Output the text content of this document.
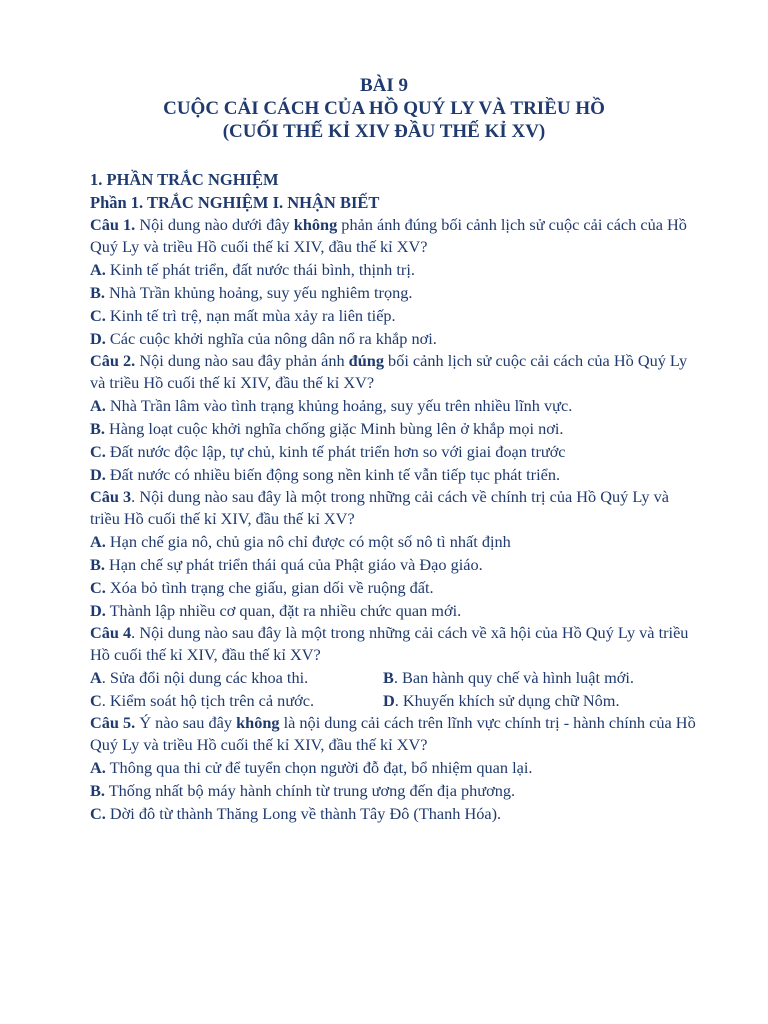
BÀI 9
CUỘC CẢI CÁCH CỦA HỒ QUÝ LY VÀ TRIỀU HỒ
(CUỐI THẾ KỈ XIV ĐẦU THẾ KỈ XV)
1. PHẦN TRẮC NGHIỆM
Phần 1. TRẮC NGHIỆM I. NHẬN BIẾT

Câu 1. Nội dung nào dưới đây không phản ánh đúng bối cảnh lịch sử cuộc cải cách của Hồ Quý Ly và triều Hồ cuối thế kỉ XIV, đầu thế kỉ XV?

A. Kinh tế phát triển, đất nước thái bình, thịnh trị.

B. Nhà Trần khủng hoảng, suy yếu nghiêm trọng.

C. Kinh tế trì trệ, nạn mất mùa xảy ra liên tiếp.

D. Các cuộc khởi nghĩa của nông dân nổ ra khắp nơi.

Câu 2. Nội dung nào sau đây phản ánh đúng bối cảnh lịch sử cuộc cải cách của Hồ Quý Ly và triều Hồ cuối thế kỉ XIV, đầu thế kỉ XV?

A. Nhà Trần lâm vào tình trạng khủng hoảng, suy yếu trên nhiều lĩnh vực.

B. Hàng loạt cuộc khởi nghĩa chống giặc Minh bùng lên ở khắp mọi nơi.

C. Đất nước độc lập, tự chủ, kinh tế phát triển hơn so với giai đoạn trước

D. Đất nước có nhiều biến động song nền kinh tế vẫn tiếp tục phát triển.

Câu 3. Nội dung nào sau đây là một trong những cải cách về chính trị của Hồ Quý Ly và triều Hồ cuối thế kỉ XIV, đầu thế kỉ XV?

A. Hạn chế gia nô, chủ gia nô chỉ được có một số nô tì nhất định

B. Hạn chế sự phát triển thái quá của Phật giáo và Đạo giáo.

C. Xóa bỏ tình trạng che giấu, gian dối về ruộng đất.

D. Thành lập nhiều cơ quan, đặt ra nhiều chức quan mới.

Câu 4. Nội dung nào sau đây là một trong những cải cách về xã hội của Hồ Quý Ly và triều Hồ cuối thế kỉ XIV, đầu thế kỉ XV?

A. Sửa đổi nội dung các khoa thi.	B. Ban hành quy chế và hình luật mới.
C. Kiểm soát hộ tịch trên cả nước.	D. Khuyến khích sử dụng chữ Nôm.

Câu 5. Ý nào sau đây không là nội dung cải cách trên lĩnh vực chính trị - hành chính của Hồ Quý Ly và triều Hồ cuối thế kỉ XIV, đầu thế kỉ XV?

A. Thông qua thi cử để tuyển chọn người đỗ đạt, bổ nhiệm quan lại.

B. Thống nhất bộ máy hành chính từ trung ương đến địa phương.

C. Dời đô từ thành Thăng Long về thành Tây Đô (Thanh Hóa).
